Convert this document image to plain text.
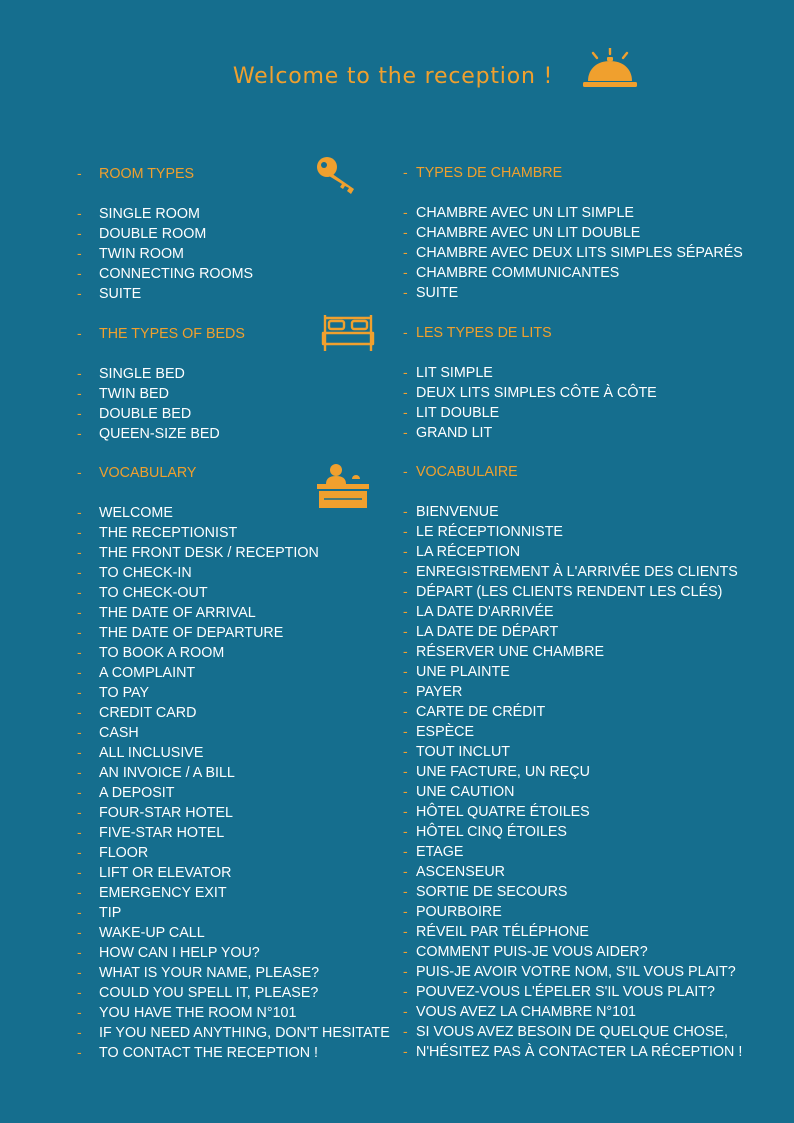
Welcome to the reception !
- ROOM TYPES
- SINGLE ROOM
- DOUBLE ROOM
- TWIN ROOM
- CONNECTING ROOMS
- SUITE
- THE TYPES OF BEDS
- SINGLE BED
- TWIN BED
- DOUBLE BED
- QUEEN-SIZE BED
- VOCABULARY
- WELCOME
- THE RECEPTIONIST
- THE FRONT DESK / RECEPTION
- TO CHECK-IN
- TO CHECK-OUT
- THE DATE OF ARRIVAL
- THE DATE OF DEPARTURE
- TO BOOK A ROOM
- A COMPLAINT
- TO PAY
- CREDIT CARD
- CASH
- ALL INCLUSIVE
- AN INVOICE / A BILL
- A DEPOSIT
- FOUR-STAR HOTEL
- FIVE-STAR HOTEL
- FLOOR
- LIFT OR ELEVATOR
- EMERGENCY EXIT
- TIP
- WAKE-UP CALL
- HOW CAN I HELP YOU?
- WHAT IS YOUR NAME, PLEASE?
- COULD YOU SPELL IT, PLEASE?
- YOU HAVE THE ROOM N°101
- IF YOU NEED ANYTHING, DON'T HESITATE
- TO CONTACT THE RECEPTION !
- TYPES DE CHAMBRE
- CHAMBRE AVEC UN LIT SIMPLE
- CHAMBRE AVEC UN LIT DOUBLE
- CHAMBRE AVEC DEUX LITS SIMPLES SÉPARÉS
- CHAMBRE COMMUNICANTES
- SUITE
- LES TYPES DE LITS
- LIT SIMPLE
- DEUX LITS SIMPLES CÔTE À CÔTE
- LIT DOUBLE
- GRAND LIT
- VOCABULAIRE
- BIENVENUE
- LE RÉCEPTIONNISTE
- LA RÉCEPTION
- ENREGISTREMENT À L'ARRIVÉE DES CLIENTS
- DÉPART (LES CLIENTS RENDENT LES CLÉS)
- LA DATE D'ARRIVÉE
- LA DATE DE DÉPART
- RÉSERVER UNE CHAMBRE
- UNE PLAINTE
- PAYER
- CARTE DE CRÉDIT
- ESPÈCE
- TOUT INCLUT
- UNE FACTURE, UN REÇU
- UNE CAUTION
- HÔTEL QUATRE ÉTOILES
- HÔTEL CINQ ÉTOILES
- ETAGE
- ASCENSEUR
- SORTIE DE SECOURS
- POURBOIRE
- RÉVEIL PAR TÉLÉPHONE
- COMMENT PUIS-JE VOUS AIDER?
- PUIS-JE AVOIR VOTRE NOM, S'IL VOUS PLAIT?
- POUVEZ-VOUS L'ÉPELER S'IL VOUS PLAIT?
- VOUS AVEZ LA CHAMBRE N°101
- SI VOUS AVEZ BESOIN DE QUELQUE CHOSE,
- N'HÉSITEZ PAS À CONTACTER LA RÉCEPTION !
